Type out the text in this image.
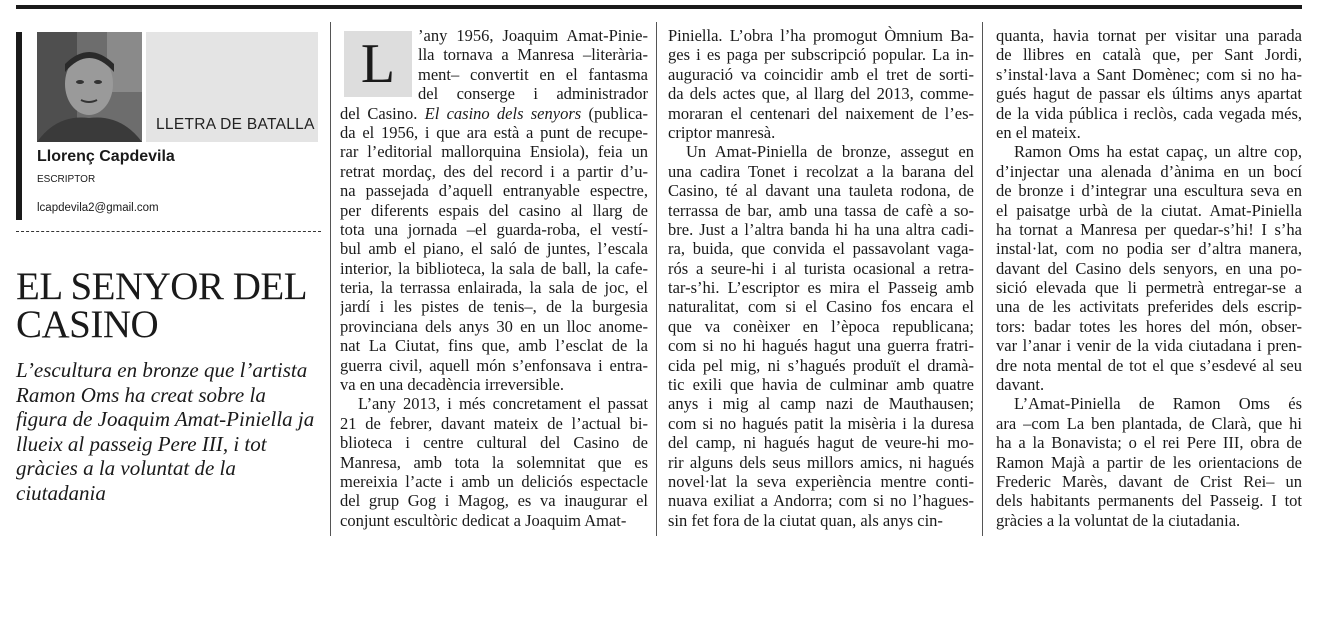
LLETRA DE BATALLA
Llorenç Capdevila
ESCRIPTOR
lcapdevila2@gmail.com
EL SENYOR DEL CASINO

L’escultura en bronze que l’artista Ramon Oms ha creat sobre la figura de Joaquim Amat-Piniella ja llueix al passeig Pere III, i tot gràcies a la voluntat de la ciutadania

L	’any 1956, Joaquim Amat-Pinie-
lla tornava a Manresa –literària-
ment– convertit en el fantasma
del conserge i administrador
del Casino. El casino dels senyors (publica-
da el 1956, i que ara està a punt de recupe-
rar l’editorial mallorquina Ensiola), feia un
retrat mordaç, des del record i a partir d’u-
na passejada d’aquell entranyable espectre,
per diferents espais del casino al llarg de
tota una jornada –el guarda-roba, el vestí-
bul amb el piano, el saló de juntes, l’escala
interior, la biblioteca, la sala de ball, la cafe-
teria, la terrassa enlairada, la sala de joc, el
jardí i les pistes de tenis–, de la burgesia
provinciana dels anys 30 en un lloc anome-
nat La Ciutat, fins que, amb l’esclat de la
guerra civil, aquell món s’enfonsava i entra-
va en una decadència irreversible.
L’any 2013, i més concretament el passat
21 de febrer, davant mateix de l’actual bi-
blioteca i centre cultural del Casino de
Manresa, amb tota la solemnitat que es
mereixia l’acte i amb un deliciós espectacle
del grup Gog i Magog, es va inaugurar el
conjunt escultòric dedicat a Joaquim Amat-
Piniella. L’obra l’ha promogut Òmnium Ba-
ges i es paga per subscripció popular. La in-
auguració va coincidir amb el tret de sorti-
da dels actes que, al llarg del 2013, comme-
moraran el centenari del naixement de l’es-
criptor manresà.
Un Amat-Piniella de bronze, assegut en
una cadira Tonet i recolzat a la barana del
Casino, té al davant una tauleta rodona, de
terrassa de bar, amb una tassa de cafè a so-
bre. Just a l’altra banda hi ha una altra cadi-
ra, buida, que convida el passavolant vaga-
rós a seure-hi i al turista ocasional a retra-
tar-s’hi. L’escriptor es mira el Passeig amb
naturalitat, com si el Casino fos encara el
que va conèixer en l’època republicana;
com si no hi hagués hagut una guerra fratri-
cida pel mig, ni s’hagués produït el dramà-
tic exili que havia de culminar amb quatre
anys i mig al camp nazi de Mauthausen;
com si no hagués patit la misèria i la duresa
del camp, ni hagués hagut de veure-hi mo-
rir alguns dels seus millors amics, ni hagués
novel·lat la seva experiència mentre conti-
nuava exiliat a Andorra; com si no l’hagues-
sin fet fora de la ciutat quan, als anys cin-
quanta, havia tornat per visitar una parada
de llibres en català que, per Sant Jordi,
s’instal·lava a Sant Domènec; com si no ha-
gués hagut de passar els últims anys apartat
de la vida pública i reclòs, cada vegada més,
en el mateix.
Ramon Oms ha estat capaç, un altre cop,
d’injectar una alenada d’ànima en un bocí
de bronze i d’integrar una escultura seva en
el paisatge urbà de la ciutat. Amat-Piniella
ha tornat a Manresa per quedar-s’hi! I s’ha
instal·lat, com no podia ser d’altra manera,
davant del Casino dels senyors, en una po-
sició elevada que li permetrà entregar-se a
una de les activitats preferides dels escrip-
tors: badar totes les hores del món, obser-
var l’anar i venir de la vida ciutadana i pren-
dre nota mental de tot el que s’esdevé al seu
davant.
L’Amat-Piniella de Ramon Oms és
ara –com La ben plantada, de Clarà, que hi
ha a la Bonavista; o el rei Pere III, obra de
Ramon Majà a partir de les orientacions de
Frederic Marès, davant de Crist Rei– un
dels habitants permanents del Passeig. I tot
gràcies a la voluntat de la ciutadania.
